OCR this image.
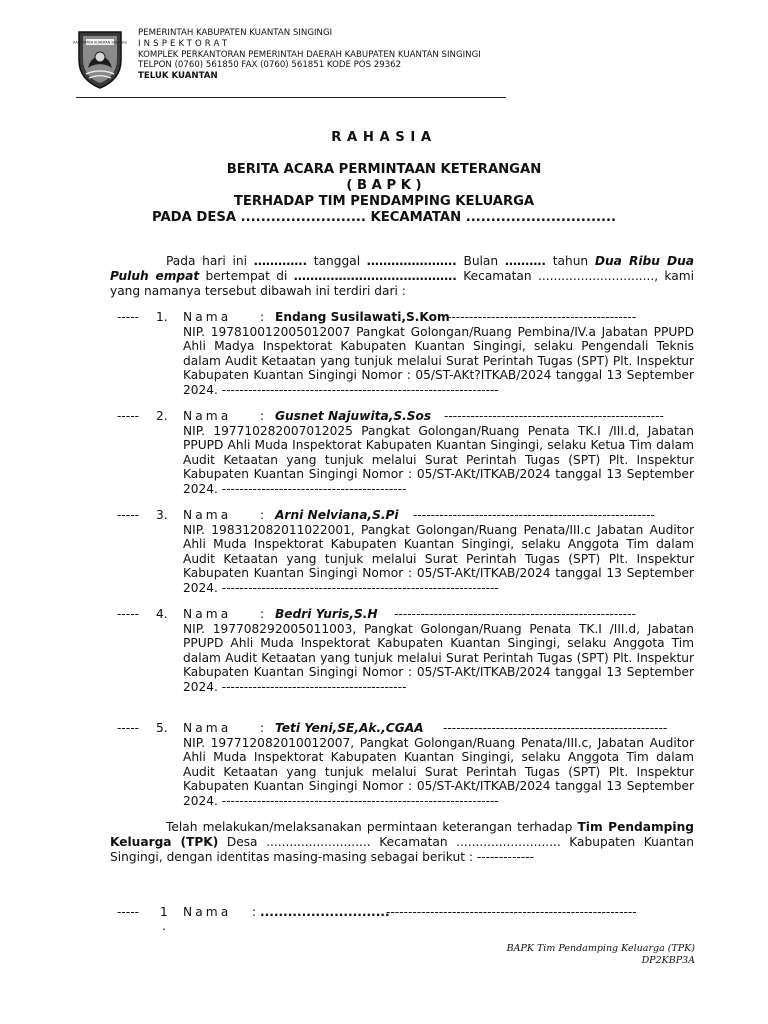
KABUPATEN KUANTAN SINGINGI
PEMERINTAH KABUPATEN KUANTAN SINGINGI
INSPEKTORAT
KOMPLEK PERKANTORAN PEMERINTAH DAERAH KABUPATEN KUANTAN SINGINGI
TELPON (0760) 561850 FAX (0760) 561851 KODE POS 29362
TELUK KUANTAN
RAHASIA
BERITA ACARA PERMINTAAN KETERANGAN
( B A P K )
TERHADAP TIM PENDAMPING KELUARGA
PADA DESA ......................... KECAMATAN ..............................
Pada hari ini …………. tanggal …………………. Bulan ………. tahun Dua Ribu Dua Puluh empat bertempat di …………………………………. Kecamatan .............................., kami yang namanya tersebut dibawah ini terdiri dari :
----- 1. Nama : Endang Susilawati,S.Kom
-------------------------------------------
NIP. 197810012005012007 Pangkat Golongan/Ruang Pembina/IV.a Jabatan PPUPD Ahli Madya Inspektorat Kabupaten Kuantan Singingi, selaku Pengendali Teknis dalam Audit Ketaatan yang tunjuk melalui Surat Perintah Tugas (SPT) Plt. Inspektur Kabupaten Kuantan Singingi Nomor : 05/ST-AKt?ITKAB/2024 tanggal 13 September 2024. ---------------------------------------------------------------
----- 2. Nama : Gusnet Najuwita,S.Sos --------------------------------------------------
NIP. 197710282007012025 Pangkat Golongan/Ruang Penata TK.I /III.d, Jabatan PPUPD Ahli Muda Inspektorat Kabupaten Kuantan Singingi, selaku Ketua Tim dalam Audit Ketaatan yang tunjuk melalui Surat Perintah Tugas (SPT) Plt. Inspektur Kabupaten Kuantan Singingi Nomor : 05/ST-AKt/ITKAB/2024 tanggal 13 September 2024. ------------------------------------------
----- 3. Nama : Arni Nelviana,S.Pi -------------------------------------------------------
NIP. 198312082011022001, Pangkat Golongan/Ruang Penata/III.c Jabatan Auditor Ahli Muda Inspektorat Kabupaten Kuantan Singingi, selaku Anggota Tim dalam Audit Ketaatan yang tunjuk melalui Surat Perintah Tugas (SPT) Plt. Inspektur Kabupaten Kuantan Singingi Nomor : 05/ST-AKt/ITKAB/2024 tanggal 13 September 2024. ---------------------------------------------------------------
----- 4. Nama : Bedri Yuris,S.H -------------------------------------------------------
NIP. 197708292005011003, Pangkat Golongan/Ruang Penata TK.I /III.d, Jabatan PPUPD Ahli Muda Inspektorat Kabupaten Kuantan Singingi, selaku Anggota Tim dalam Audit Ketaatan yang tunjuk melalui Surat Perintah Tugas (SPT) Plt. Inspektur Kabupaten Kuantan Singingi Nomor : 05/ST-AKt/ITKAB/2024 tanggal 13 September 2024. ------------------------------------------
----- 5. Nama : Teti Yeni,SE,Ak.,CGAA ---------------------------------------------------
NIP. 197712082010012007, Pangkat Golongan/Ruang Penata/III.c, Jabatan Auditor Ahli Muda Inspektorat Kabupaten Kuantan Singingi, selaku Anggota Tim dalam Audit Ketaatan yang tunjuk melalui Surat Perintah Tugas (SPT) Plt. Inspektur Kabupaten Kuantan Singingi Nomor : 05/ST-AKt/ITKAB/2024 tanggal 13 September 2024. ---------------------------------------------------------------
Telah melakukan/melaksanakan permintaan keterangan terhadap Tim Pendamping Keluarga (TPK) Desa ........................... Kecamatan ........................... Kabupaten Kuantan Singingi, dengan identitas masing-masing sebagai berikut : -------------
----- 1 Nama : ............................
---------------------------------------------------------
.
BAPK Tim Pendamping Keluarga (TPK)
DP2KBP3A
